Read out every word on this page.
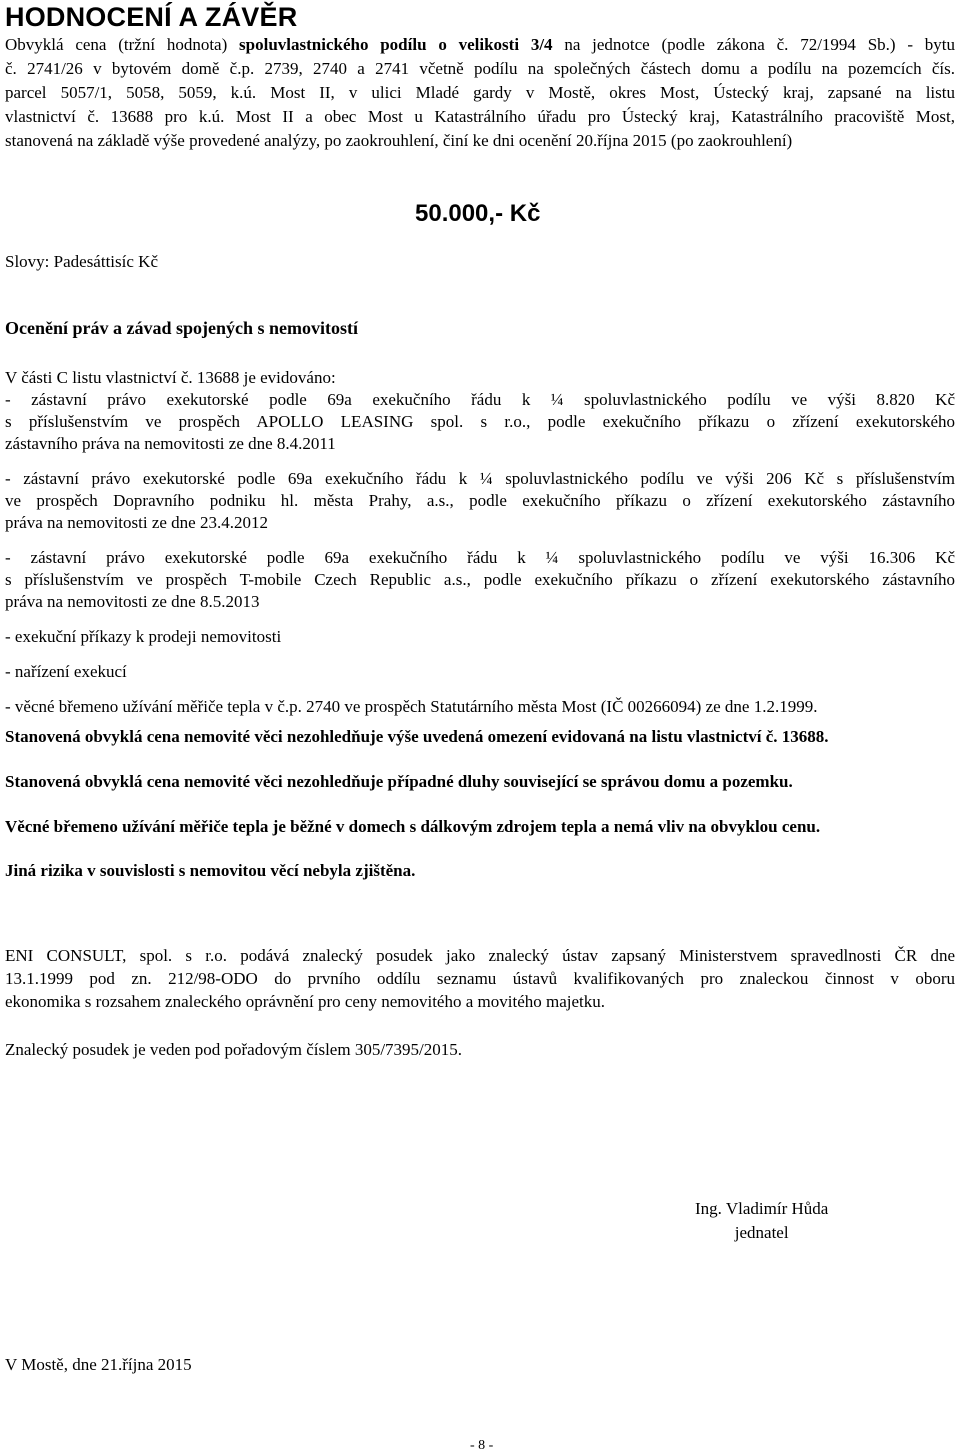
HODNOCENÍ A ZÁVĚR
Obvyklá cena (tržní hodnota) spoluvlastnického podílu o velikosti 3/4 na jednotce (podle zákona č. 72/1994 Sb.) - bytu
č. 2741/26 v bytovém domě č.p. 2739, 2740 a 2741 včetně podílu na společných částech domu a podílu na pozemcích čís.
parcel 5057/1, 5058, 5059, k.ú. Most II, v ulici Mladé gardy v Mostě, okres Most, Ústecký kraj, zapsané na listu
vlastnictví č. 13688 pro k.ú. Most II a obec Most u Katastrálního úřadu pro Ústecký kraj, Katastrálního pracoviště Most,
stanovená na základě výše provedené analýzy, po zaokrouhlení, činí ke dni ocenění 20.října 2015 (po zaokrouhlení)
50.000,- Kč
Slovy: Padesáttisíc Kč
Ocenění práv a závad spojených s nemovitostí

V části C listu vlastnictví č. 13688 je evidováno:

- zástavní právo exekutorské podle 69a exekučního řádu k ¼ spoluvlastnického podílu ve výši 8.820 Kč
s příslušenstvím ve prospěch APOLLO LEASING spol. s r.o., podle exekučního příkazu o zřízení exekutorského
zástavního práva na nemovitosti ze dne 8.4.2011

- zástavní právo exekutorské podle 69a exekučního řádu k ¼ spoluvlastnického podílu ve výši 206 Kč s příslušenstvím
ve prospěch Dopravního podniku hl. města Prahy, a.s., podle exekučního příkazu o zřízení exekutorského zástavního
práva na nemovitosti ze dne 23.4.2012

- zástavní právo exekutorské podle 69a exekučního řádu k ¼ spoluvlastnického podílu ve výši 16.306 Kč
s příslušenstvím ve prospěch T-mobile Czech Republic a.s., podle exekučního příkazu o zřízení exekutorského zástavního
práva na nemovitosti ze dne 8.5.2013

- exekuční příkazy k prodeji nemovitosti

- nařízení exekucí

- věcné břemeno užívání měřiče tepla v č.p. 2740 ve prospěch Statutárního města Most (IČ 00266094) ze dne 1.2.1999.

Stanovená obvyklá cena nemovité věci nezohledňuje výše uvedená omezení evidovaná na listu vlastnictví č. 13688.
Stanovená obvyklá cena nemovité věci nezohledňuje případné dluhy související se správou domu a pozemku.
Věcné břemeno užívání měřiče tepla je běžné v domech s dálkovým zdrojem tepla a nemá vliv na obvyklou cenu.
Jiná rizika v souvislosti s nemovitou věcí nebyla zjištěna.
ENI CONSULT, spol. s r.o. podává znalecký posudek jako znalecký ústav zapsaný Ministerstvem spravedlnosti ČR dne
13.1.1999 pod zn. 212/98-ODO do prvního oddílu seznamu ústavů kvalifikovaných pro znaleckou činnost v oboru
ekonomika s rozsahem znaleckého oprávnění pro ceny nemovitého a movitého majetku.
Znalecký posudek je veden pod pořadovým číslem 305/7395/2015.
Ing. Vladimír Hůda
jednatel
V Mostě, dne 21.října 2015
- 8 -
